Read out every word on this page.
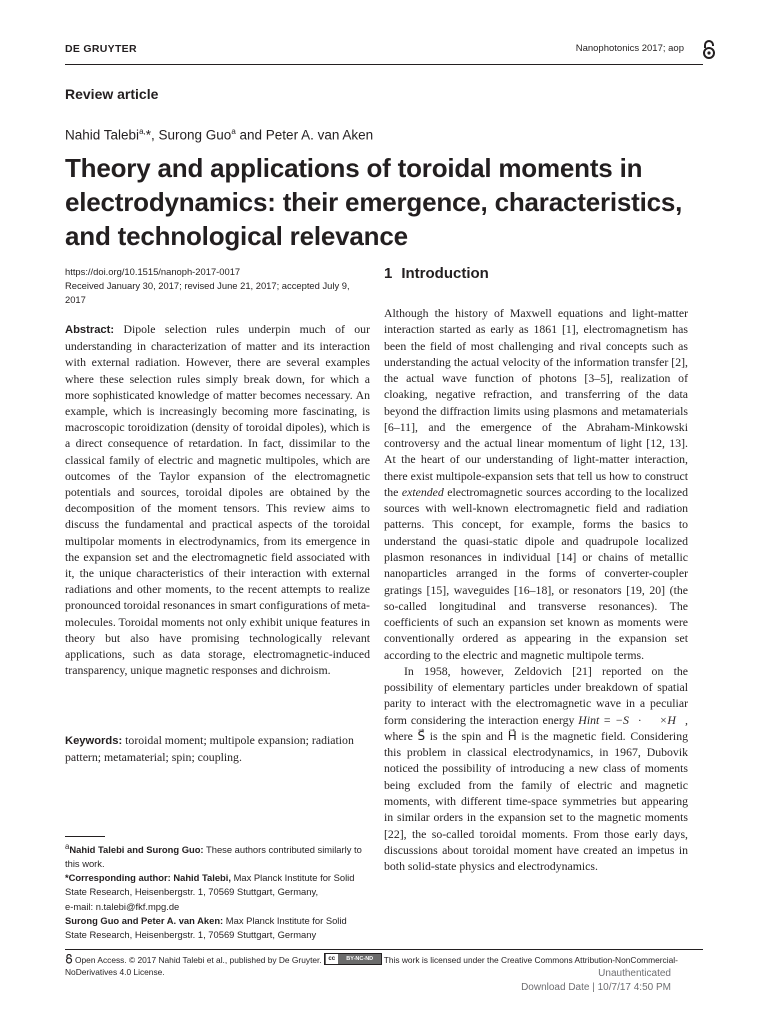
DE GRUYTER	Nanophotonics 2017; aop
Review article
Nahid Talebi$^{a,}$*, Surong Guo$^a$ and Peter A. van Aken
Theory and applications of toroidal moments in electrodynamics: their emergence, characteristics, and technological relevance
https://doi.org/10.1515/nanoph-2017-0017
Received January 30, 2017; revised June 21, 2017; accepted July 9, 2017
Abstract: Dipole selection rules underpin much of our understanding in characterization of matter and its interaction with external radiation. However, there are several examples where these selection rules simply break down, for which a more sophisticated knowledge of matter becomes necessary. An example, which is increasingly becoming more fascinating, is macroscopic toroidization (density of toroidal dipoles), which is a direct consequence of retardation. In fact, dissimilar to the classical family of electric and magnetic multipoles, which are outcomes of the Taylor expansion of the electromagnetic potentials and sources, toroidal dipoles are obtained by the decomposition of the moment tensors. This review aims to discuss the fundamental and practical aspects of the toroidal multipolar moments in electrodynamics, from its emergence in the expansion set and the electromagnetic field associated with it, the unique characteristics of their interaction with external radiations and other moments, to the recent attempts to realize pronounced toroidal resonances in smart configurations of meta-molecules. Toroidal moments not only exhibit unique features in theory but also have promising technologically relevant applications, such as data storage, electromagnetic-induced transparency, unique magnetic responses and dichroism.
Keywords: toroidal moment; multipole expansion; radiation pattern; metamaterial; spin; coupling.
$^a$Nahid Talebi and Surong Guo: These authors contributed similarly to this work.
*Corresponding author: Nahid Talebi, Max Planck Institute for Solid State Research, Heisenbergstr. 1, 70569 Stuttgart, Germany,
e-mail: n.talebi@fkf.mpg.de
Surong Guo and Peter A. van Aken: Max Planck Institute for Solid State Research, Heisenbergstr. 1, 70569 Stuttgart, Germany
1 Introduction

Although the history of Maxwell equations and light-matter interaction started as early as 1861 [1], electromagnetism has been the field of most challenging and rival concepts such as understanding the actual velocity of the information transfer [2], the actual wave function of photons [3–5], realization of cloaking, negative refraction, and transferring of the data beyond the diffraction limits using plasmons and metamaterials [6–11], and the emergence of the Abraham-Minkowski controversy and the actual linear momentum of light [12, 13]. At the heart of our understanding of light-matter interaction, there exist multipole-expansion sets that tell us how to construct the extended electromagnetic sources according to the localized sources with well-known electromagnetic field and radiation patterns. This concept, for example, forms the basics to understand the quasi-static dipole and quadrupole localized plasmon resonances in individual [14] or chains of metallic nanoparticles arranged in the forms of converter-coupler gratings [15], waveguides [16–18], or resonators [19, 20] (the so-called longitudinal and transverse resonances). The coefficients of such an expansion set known as moments were conventionally ordered as appearing in the expansion set according to the electric and magnetic multipole terms.

In 1958, however, Zeldovich [21] reported on the possibility of elementary particles under breakdown of spatial parity to interact with the electromagnetic wave in a peculiar form considering the interaction energy Hint = −S⃗·∇⃗×H⃗, where S⃗ is the spin and H⃗ is the magnetic field. Considering this problem in classical electrodynamics, in 1967, Dubovik noticed the possibility of introducing a new class of moments being excluded from the family of electric and magnetic moments, with different time-space symmetries but appearing in similar orders in the expansion set to the magnetic moments [22], the so-called toroidal moments. From those early days, discussions about toroidal moment have created an impetus in both solid-state physics and electrodynamics.

Open Access. © 2017 Nahid Talebi et al., published by De Gruyter.	cc	BY-NC-ND	This work is licensed under the Creative Commons Attribution-NonCommercial-NoDerivatives 4.0 License.	Unauthenticated
Download Date | 10/7/17 4:50 PM
